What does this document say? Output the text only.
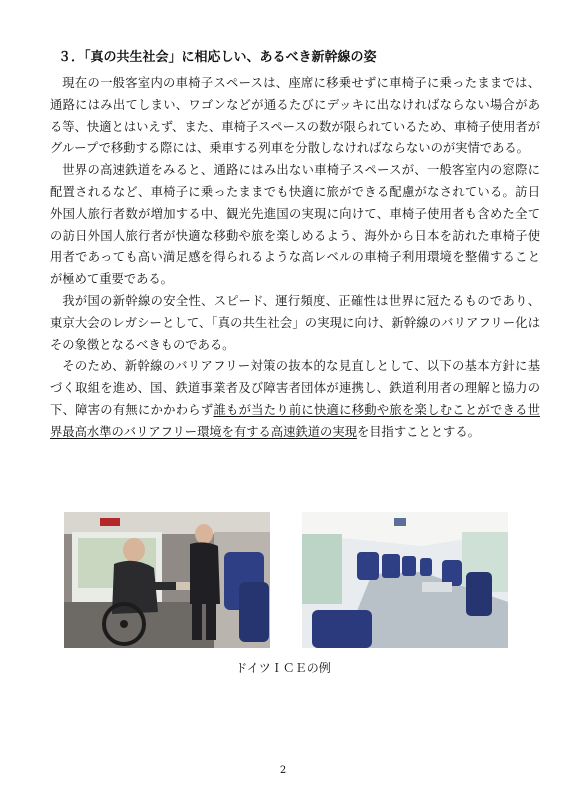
３．「真の共生社会」に相応しい、あるべき新幹線の姿

現在の一般客室内の車椅子スペースは、座席に移乗せずに車椅子に乗ったままでは、通路にはみ出てしまい、ワゴンなどが通るたびにデッキに出なければならない場合がある等、快適とはいえず、また、車椅子スペースの数が限られているため、車椅子使用者がグループで移動する際には、乗車する列車を分散しなければならないのが実情である。

世界の高速鉄道をみると、通路にはみ出ない車椅子スペースが、一般客室内の窓際に配置されるなど、車椅子に乗ったままでも快適に旅ができる配慮がなされている。訪日外国人旅行者数が増加する中、観光先進国の実現に向けて、車椅子使用者も含めた全ての訪日外国人旅行者が快適な移動や旅を楽しめるよう、海外から日本を訪れた車椅子使用者であっても高い満足感を得られるような高レベルの車椅子利用環境を整備することが極めて重要である。

我が国の新幹線の安全性、スピード、運行頻度、正確性は世界に冠たるものであり、東京大会のレガシーとして、「真の共生社会」の実現に向け、新幹線のバリアフリー化はその象徴となるべきものである。

そのため、新幹線のバリアフリー対策の抜本的な見直しとして、以下の基本方針に基づく取組を進め、国、鉄道事業者及び障害者団体が連携し、鉄道利用者の理解と協力の下、障害の有無にかかわらず誰もが当たり前に快適に移動や旅を楽しむことができる世界最高水準のバリアフリー環境を有する高速鉄道の実現を目指すこととする。

ドイツＩＣＥの例
2
